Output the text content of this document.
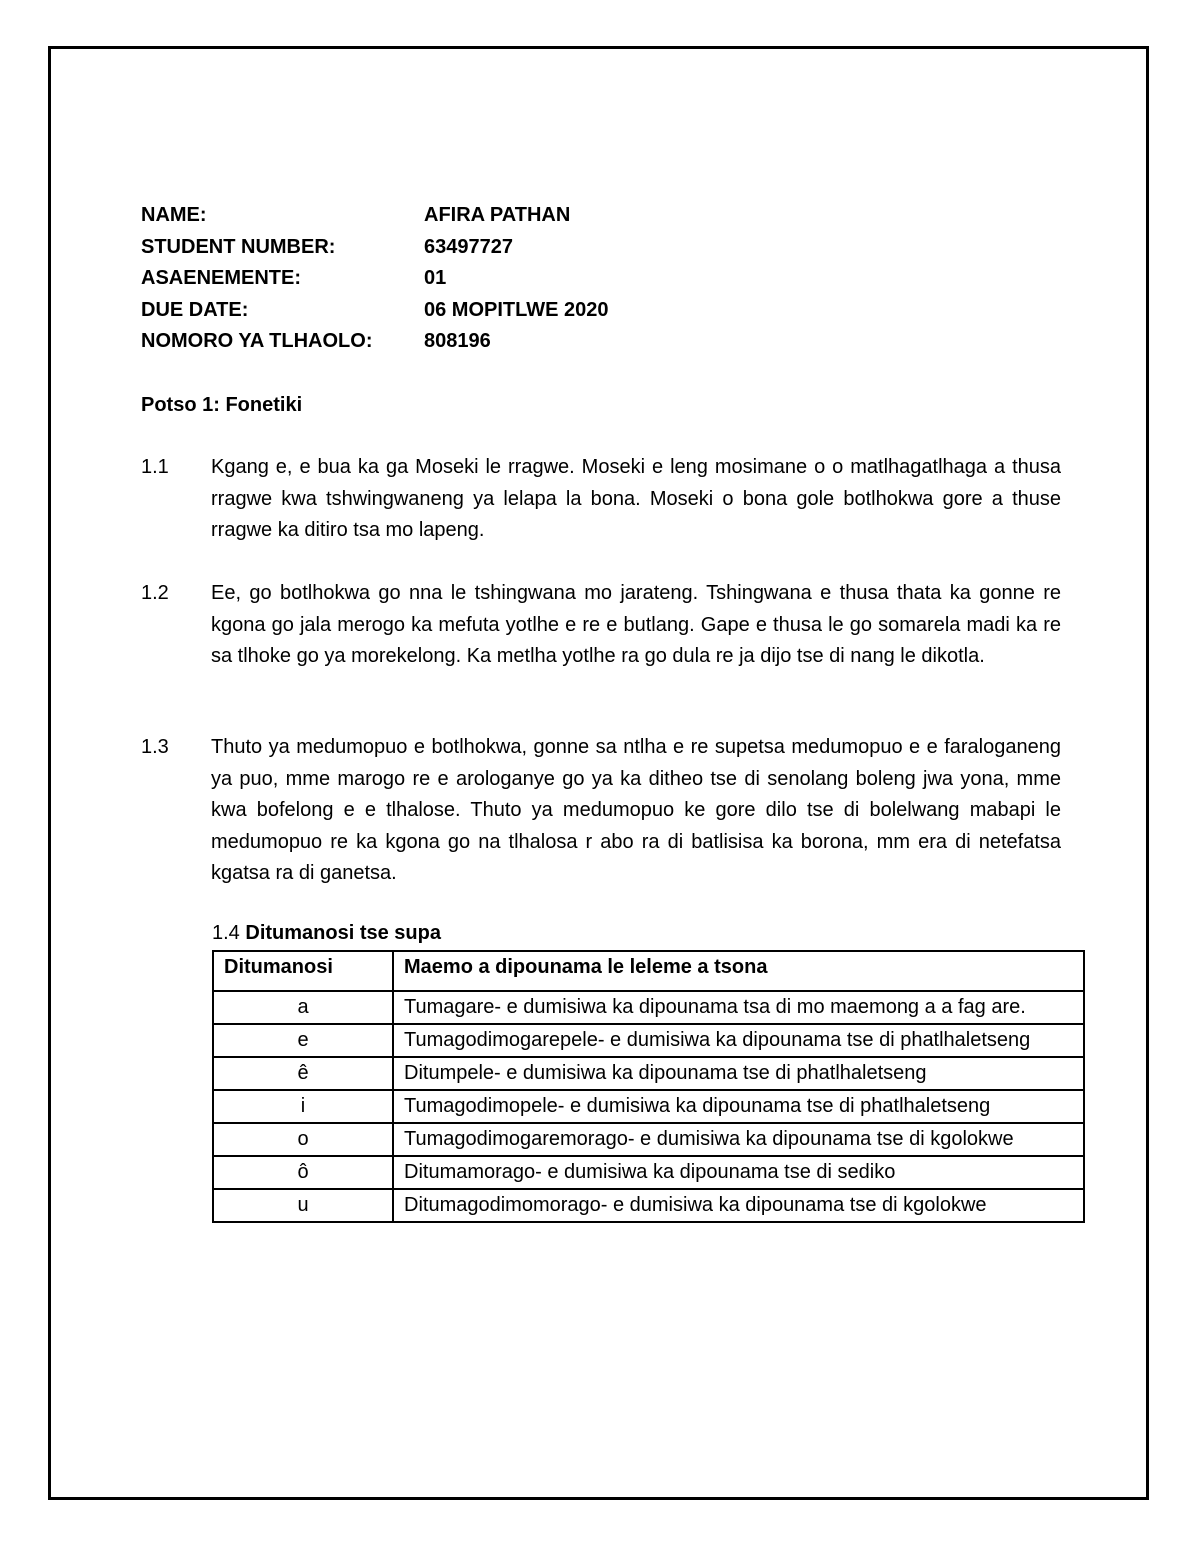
NAME:	AFIRA PATHAN
STUDENT NUMBER:	63497727
ASAENEMENTE:	01
DUE DATE:	06 MOPITLWE 2020
NOMORO YA TLHAOLO:	808196
Potso 1: Fonetiki
1.1 Kgang e, e bua ka ga Moseki le rragwe. Moseki e leng mosimane o o matlhagatlhaga a thusa rragwe kwa tshwingwaneng ya lelapa la bona. Moseki o bona gole botlhokwa gore a thuse rragwe ka ditiro tsa mo lapeng.
1.2 Ee, go botlhokwa go nna le tshingwana mo jarateng. Tshingwana e thusa thata ka gonne re kgona go jala merogo ka mefuta yotlhe e re e butlang. Gape e thusa le go somarela madi ka re sa tlhoke go ya morekelong. Ka metlha yotlhe ra go dula re ja dijo tse di nang le dikotla.
1.3 Thuto ya medumopuo e botlhokwa, gonne sa ntlha e re supetsa medumopuo e e faraloganeng ya puo, mme marogo re e arologanye go ya ka ditheo tse di senolang boleng jwa yona, mme kwa bofelong e e tlhalose. Thuto ya medumopuo ke gore dilo tse di bolelwang mabapi le medumopuo re ka kgona go na tlhalosa r abo ra di batlisisa ka borona, mm era di netefatsa kgatsa ra di ganetsa.
1.4 Ditumanosi tse supa
Ditumanosi	Maemo a dipounama le leleme a tsona
a	Tumagare- e dumisiwa ka dipounama tsa di mo maemong a a fag are.
e	Tumagodimogarepele- e dumisiwa ka dipounama tse di phatlhaletseng
ê	Ditumpele- e dumisiwa ka dipounama tse di phatlhaletseng
i	Tumagodimopele- e dumisiwa ka dipounama tse di phatlhaletseng
o	Tumagodimogaremorago- e dumisiwa ka dipounama tse di kgolokwe
ô	Ditumamorago- e dumisiwa ka dipounama tse di sediko
u	Ditumagodimomorago- e dumisiwa ka dipounama tse di kgolokwe
